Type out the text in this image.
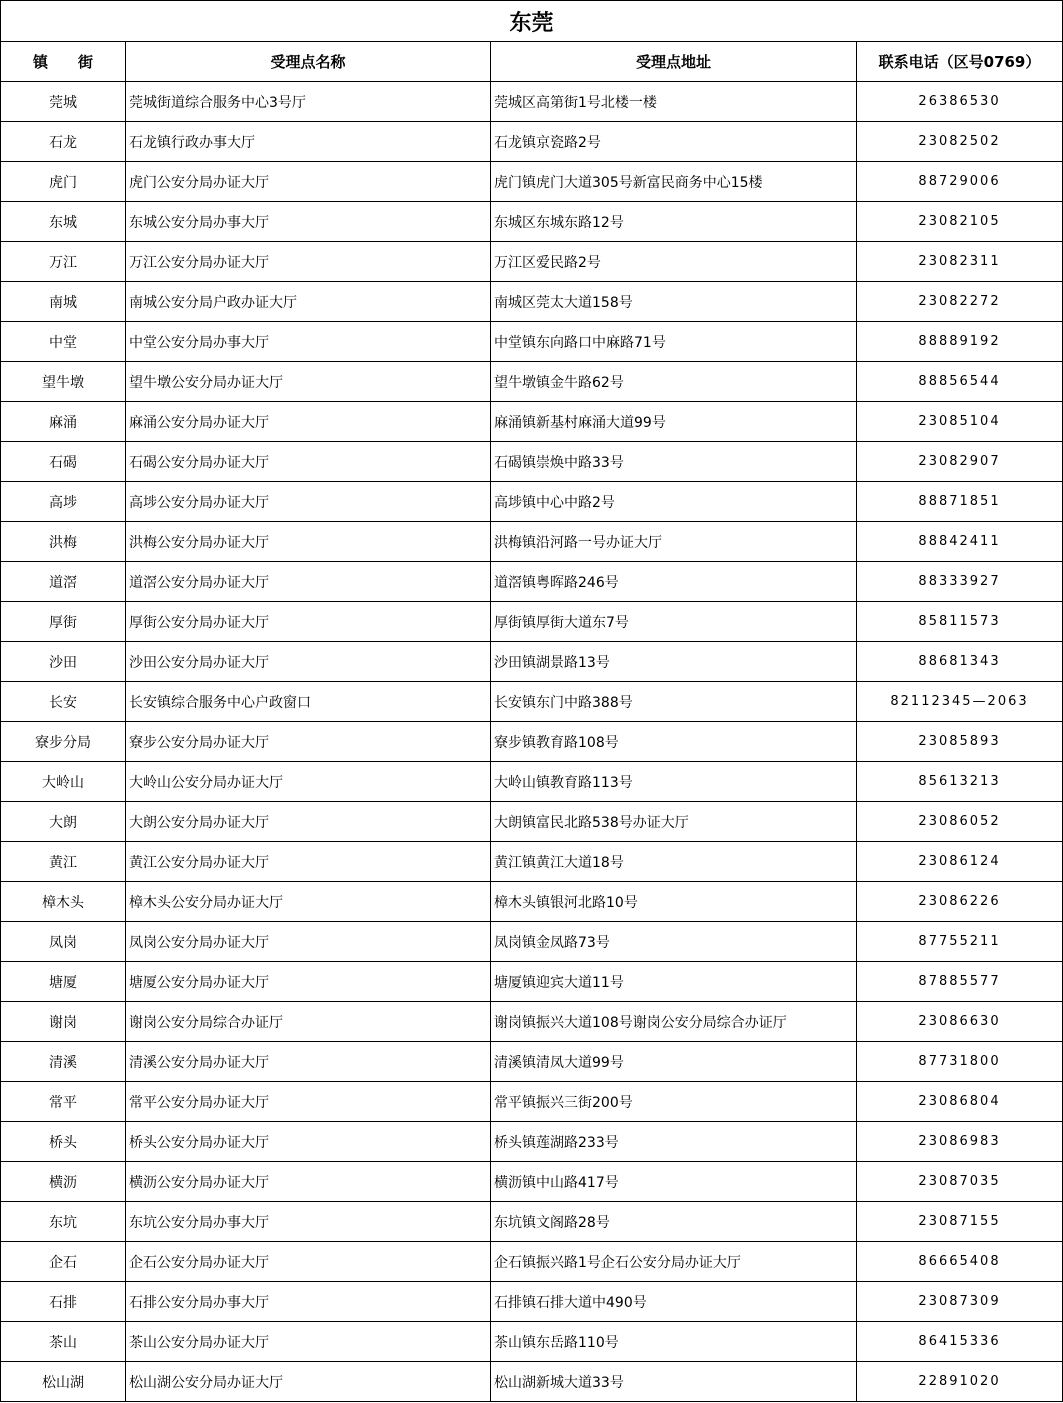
东莞			
镇　　街	受理点名称	受理点地址	联系电话（区号0769）
莞城	莞城街道综合服务中心3号厅	莞城区高第街1号北楼一楼	26386530
石龙	石龙镇行政办事大厅	石龙镇京瓷路2号	23082502
虎门	虎门公安分局办证大厅	虎门镇虎门大道305号新富民商务中心15楼	88729006
东城	东城公安分局办事大厅	东城区东城东路12号	23082105
万江	万江公安分局办证大厅	万江区爱民路2号	23082311
南城	南城公安分局户政办证大厅	南城区莞太大道158号	23082272
中堂	中堂公安分局办事大厅	中堂镇东向路口中麻路71号	88889192
望牛墩	望牛墩公安分局办证大厅	望牛墩镇金牛路62号	88856544
麻涌	麻涌公安分局办证大厅	麻涌镇新基村麻涌大道99号	23085104
石碣	石碣公安分局办证大厅	石碣镇崇焕中路33号	23082907
高埗	高埗公安分局办证大厅	高埗镇中心中路2号	88871851
洪梅	洪梅公安分局办证大厅	洪梅镇沿河路一号办证大厅	88842411
道滘	道滘公安分局办证大厅	道滘镇粤晖路246号	88333927
厚街	厚街公安分局办证大厅	厚街镇厚街大道东7号	85811573
沙田	沙田公安分局办证大厅	沙田镇湖景路13号	88681343
长安	长安镇综合服务中心户政窗口	长安镇东门中路388号	82112345—2063
寮步分局	寮步公安分局办证大厅	寮步镇教育路108号	23085893
大岭山	大岭山公安分局办证大厅	大岭山镇教育路113号	85613213
大朗	大朗公安分局办证大厅	大朗镇富民北路538号办证大厅	23086052
黄江	黄江公安分局办证大厅	黄江镇黄江大道18号	23086124
樟木头	樟木头公安分局办证大厅	樟木头镇银河北路10号	23086226
凤岗	凤岗公安分局办证大厅	凤岗镇金凤路73号	87755211
塘厦	塘厦公安分局办证大厅	塘厦镇迎宾大道11号	87885577
谢岗	谢岗公安分局综合办证厅	谢岗镇振兴大道108号谢岗公安分局综合办证厅	23086630
清溪	清溪公安分局办证大厅	清溪镇清凤大道99号	87731800
常平	常平公安分局办证大厅	常平镇振兴三街200号	23086804
桥头	桥头公安分局办证大厅	桥头镇莲湖路233号	23086983
横沥	横沥公安分局办证大厅	横沥镇中山路417号	23087035
东坑	东坑公安分局办事大厅	东坑镇文阁路28号	23087155
企石	企石公安分局办证大厅	企石镇振兴路1号企石公安分局办证大厅	86665408
石排	石排公安分局办事大厅	石排镇石排大道中490号	23087309
茶山	茶山公安分局办证大厅	茶山镇东岳路110号	86415336
松山湖	松山湖公安分局办证大厅	松山湖新城大道33号	22891020
